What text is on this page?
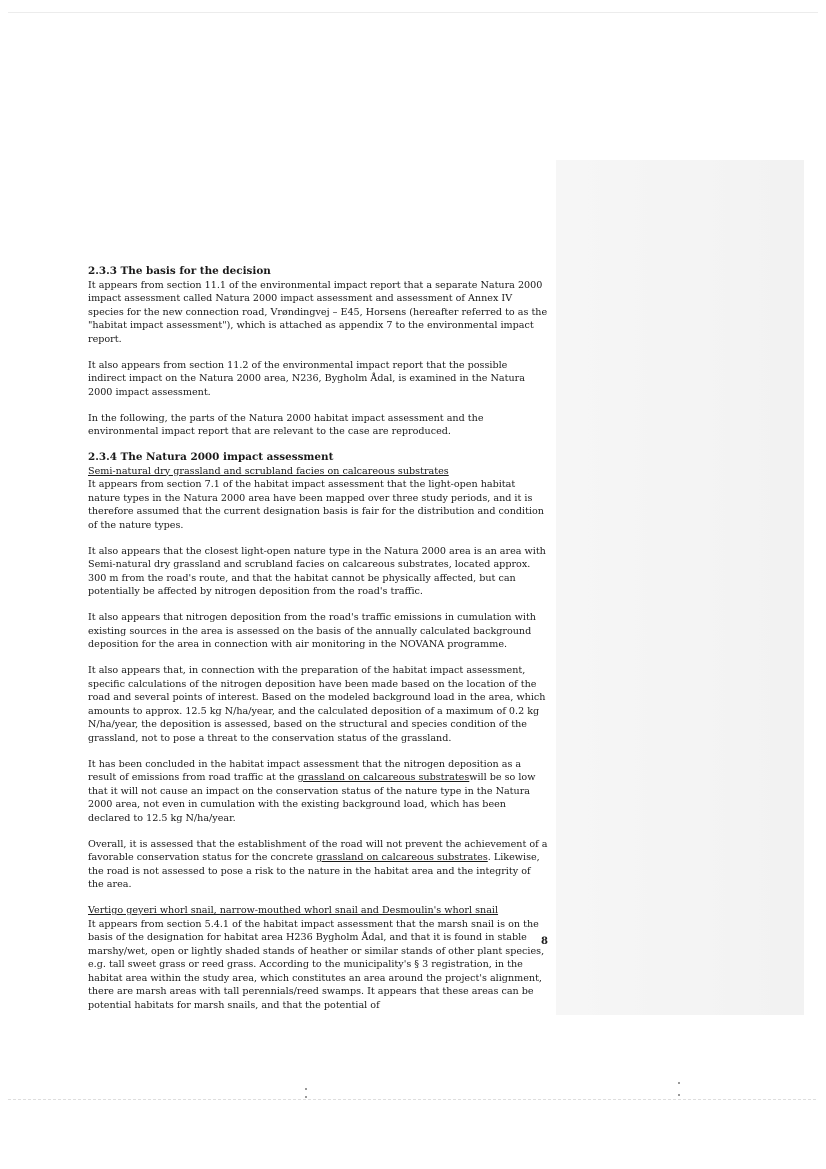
2.3.3 The basis for the decision

It appears from section 11.1 of the environmental impact report that a separate Natura 2000 impact assessment called Natura 2000 impact assessment and assessment of Annex IV species for the new connection road, Vrøndingvej – E45, Horsens (hereafter referred to as the "habitat impact assessment"), which is attached as appendix 7 to the environmental impact report.

It also appears from section 11.2 of the environmental impact report that the possible indirect impact on the Natura 2000 area, N236, Bygholm Ådal, is examined in the Natura 2000 impact assessment.

In the following, the parts of the Natura 2000 habitat impact assessment and the environmental impact report that are relevant to the case are reproduced.

2.3.4 The Natura 2000 impact assessment
Semi-natural dry grassland and scrubland facies on calcareous substrates

It appears from section 7.1 of the habitat impact assessment that the light-open habitat nature types in the Natura 2000 area have been mapped over three study periods, and it is therefore assumed that the current designation basis is fair for the distribution and condition of the nature types.

It also appears that the closest light-open nature type in the Natura 2000 area is an area with Semi-natural dry grassland and scrubland facies on calcareous substrates, located approx. 300 m from the road's route, and that the habitat cannot be physically affected, but can potentially be affected by nitrogen deposition from the road's traffic.

It also appears that nitrogen deposition from the road's traffic emissions in cumulation with existing sources in the area is assessed on the basis of the annually calculated background deposition for the area in connection with air monitoring in the NOVANA programme.

It also appears that, in connection with the preparation of the habitat impact assessment, specific calculations of the nitrogen deposition have been made based on the location of the road and several points of interest. Based on the modeled background load in the area, which amounts to approx. 12.5 kg N/ha/year, and the calculated deposition of a maximum of 0.2 kg N/ha/year, the deposition is assessed, based on the structural and species condition of the grassland, not to pose a threat to the conservation status of the grassland.

It has been concluded in the habitat impact assessment that the nitrogen deposition as a result of emissions from road traffic at the grassland on calcareous substrateswill be so low that it will not cause an impact on the conservation status of the nature type in the Natura 2000 area, not even in cumulation with the existing background load, which has been declared to 12.5 kg N/ha/year.

Overall, it is assessed that the establishment of the road will not prevent the achievement of a favorable conservation status for the concrete grassland on calcareous substrates. Likewise, the road is not assessed to pose a risk to the nature in the habitat area and the integrity of the area.

Vertigo geyeri whorl snail, narrow-mouthed whorl snail and Desmoulin's whorl snail

It appears from section 5.4.1 of the habitat impact assessment that the marsh snail is on the basis of the designation for habitat area H236 Bygholm Ådal, and that it is found in stable marshy/wet, open or lightly shaded stands of heather or similar stands of other plant species, e.g. tall sweet grass or reed grass. According to the municipality's § 3 registration, in the habitat area within the study area, which constitutes an area around the project's alignment, there are marsh areas with tall perennials/reed swamps. It appears that these areas can be potential habitats for marsh snails, and that the potential of

8
